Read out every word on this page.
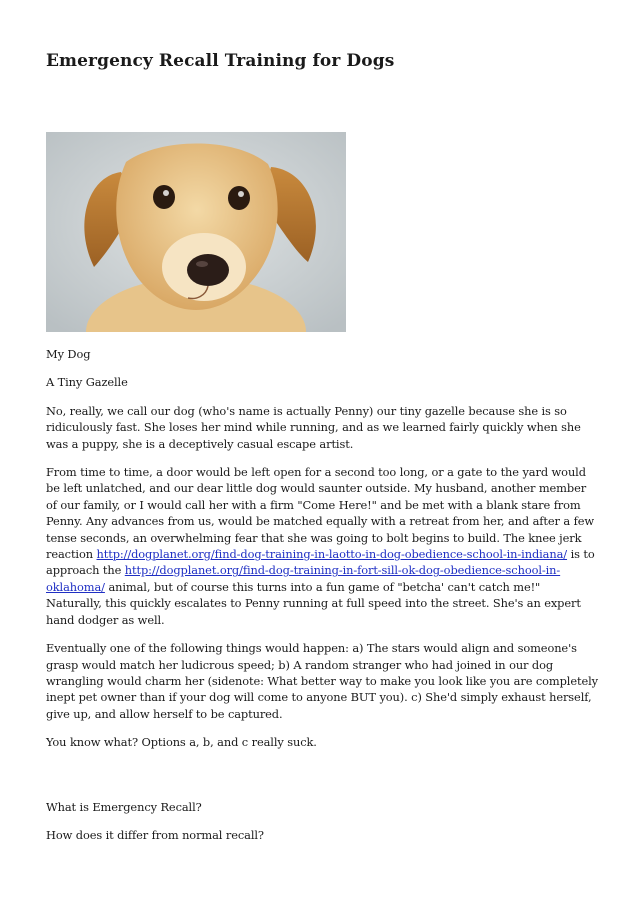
Emergency Recall Training for Dogs

My Dog

A Tiny Gazelle

No, really, we call our dog (who's name is actually Penny) our tiny gazelle because she is so ridiculously fast. She loses her mind while running, and as we learned fairly quickly when she was a puppy, she is a deceptively casual escape artist.

From time to time, a door would be left open for a second too long, or a gate to the yard would be left unlatched, and our dear little dog would saunter outside. My husband, another member of our family, or I would call her with a firm "Come Here!" and be met with a blank stare from Penny. Any advances from us, would be matched equally with a retreat from her, and after a few tense seconds, an overwhelming fear that she was going to bolt begins to build. The knee jerk reaction http://dogplanet.org/find-dog-training-in-laotto-in-dog-obedience-school-in-indiana/ is to approach the http://dogplanet.org/find-dog-training-in-fort-sill-ok-dog-obedience-school-in-oklahoma/ animal, but of course this turns into a fun game of "betcha' can't catch me!" Naturally, this quickly escalates to Penny running at full speed into the street. She's an expert hand dodger as well.

Eventually one of the following things would happen: a) The stars would align and someone's grasp would match her ludicrous speed; b) A random stranger who had joined in our dog wrangling would charm her (sidenote: What better way to make you look like you are completely inept pet owner than if your dog will come to anyone BUT you). c) She'd simply exhaust herself, give up, and allow herself to be captured.

You know what? Options a, b, and c really suck.

What is Emergency Recall?

How does it differ from normal recall?
